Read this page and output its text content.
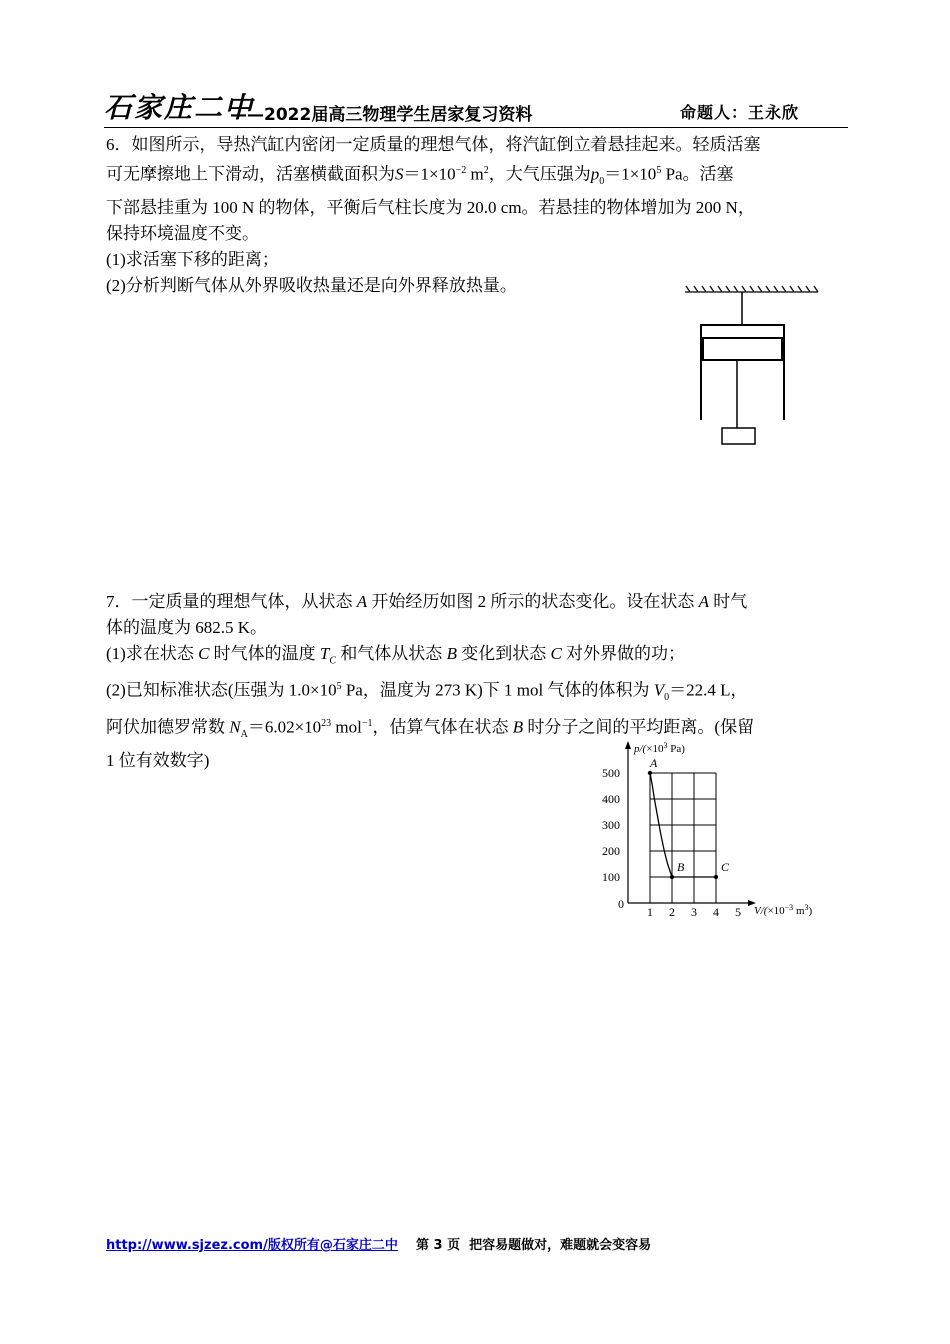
石家庄二中
——2022届高三物理学生居家复习资料	命题人：王永欣

6．如图所示，导热汽缸内密闭一定质量的理想气体，将汽缸倒立着悬挂起来。轻质活塞

可无摩擦地上下滑动，活塞横截面积为$S=1\times 10^{-2}$ $m^2$，大气压强为$p_0=1\times 10^5$ Pa。活塞

下部悬挂重为 100 N 的物体，平衡后气柱长度为 20.0 cm。若悬挂的物体增加为 200 N，

保持环境温度不变。

(1)求活塞下移的距离；

(2)分析判断气体从外界吸收热量还是向外界释放热量。

7．一定质量的理想气体，从状态 A 开始经历如图 2 所示的状态变化。设在状态 A 时气

体的温度为 682.5 K。

(1)求在状态 C 时气体的温度 $T_C$ 和气体从状态 B 变化到状态 C 对外界做的功；

(2)已知标准状态(压强为 $1.0\times 10^5$ Pa，温度为 273 K)下 1 mol 气体的体积为 $V_0=22.4$ L，

阿伏加德罗常数 $N_A=6.02\times 10^{23}$ mol$^{-1}$，估算气体在状态 B 时分子之间的平均距离。(保留

1 位有效数字)

$p/(\times 10^3$ Pa)
$V/(\times 10^{-3}$ $m^3$)
0
1 2 3 4 5
100
200
300
400
500
A
B	C
http://www.sjzez.com/版权所有@石家庄二中 第 3 页 把容易题做对，难题就会变容易
